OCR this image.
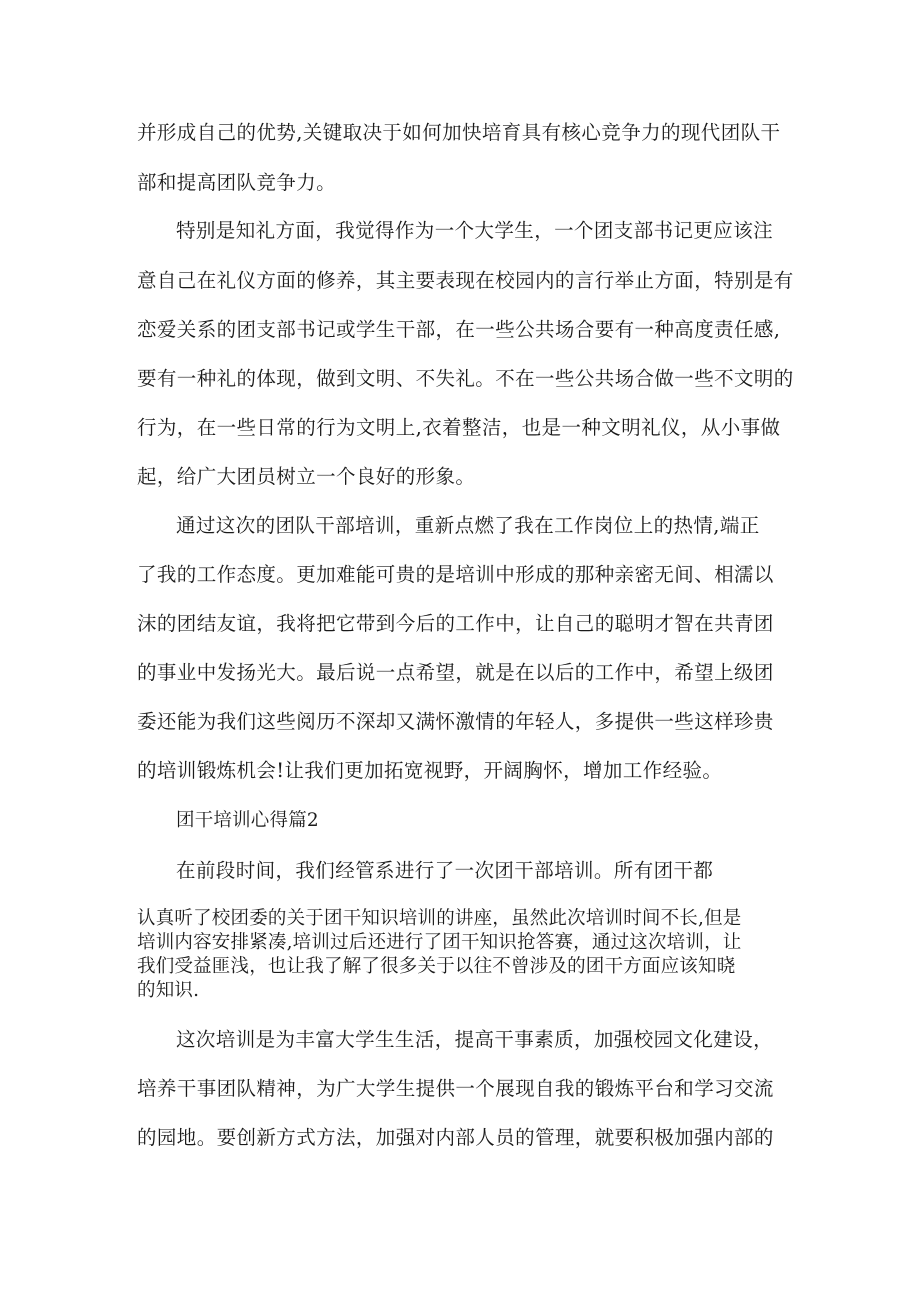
并形成自己的优势,关键取决于如何加快培育具有核心竞争力的现代团队干
部和提高团队竞争力。
特别是知礼方面，我觉得作为一个大学生，一个团支部书记更应该注
意自己在礼仪方面的修养，其主要表现在校园内的言行举止方面，特别是有
恋爱关系的团支部书记或学生干部，在一些公共场合要有一种高度责任感,
要有一种礼的体现，做到文明、不失礼。不在一些公共场合做一些不文明的
行为，在一些日常的行为文明上,衣着整洁，也是一种文明礼仪，从小事做
起，给广大团员树立一个良好的形象。
通过这次的团队干部培训，重新点燃了我在工作岗位上的热情,端正
了我的工作态度。更加难能可贵的是培训中形成的那种亲密无间、相濡以
沫的团结友谊，我将把它带到今后的工作中，让自己的聪明才智在共青团
的事业中发扬光大。最后说一点希望，就是在以后的工作中，希望上级团
委还能为我们这些阅历不深却又满怀激情的年轻人，多提供一些这样珍贵
的培训锻炼机会!让我们更加拓宽视野，开阔胸怀，增加工作经验。
团干培训心得篇2
在前段时间，我们经管系进行了一次团干部培训。所有团干都
认真听了校团委的关于团干知识培训的讲座，虽然此次培训时间不长,但是
培训内容安排紧凑,培训过后还进行了团干知识抢答赛，通过这次培训，让
我们受益匪浅，也让我了解了很多关于以往不曾涉及的团干方面应该知晓
的知识.
这次培训是为丰富大学生生活，提高干事素质，加强校园文化建设，
培养干事团队精神，为广大学生提供一个展现自我的锻炼平台和学习交流
的园地。要创新方式方法，加强对内部人员的管理，就要积极加强内部的
